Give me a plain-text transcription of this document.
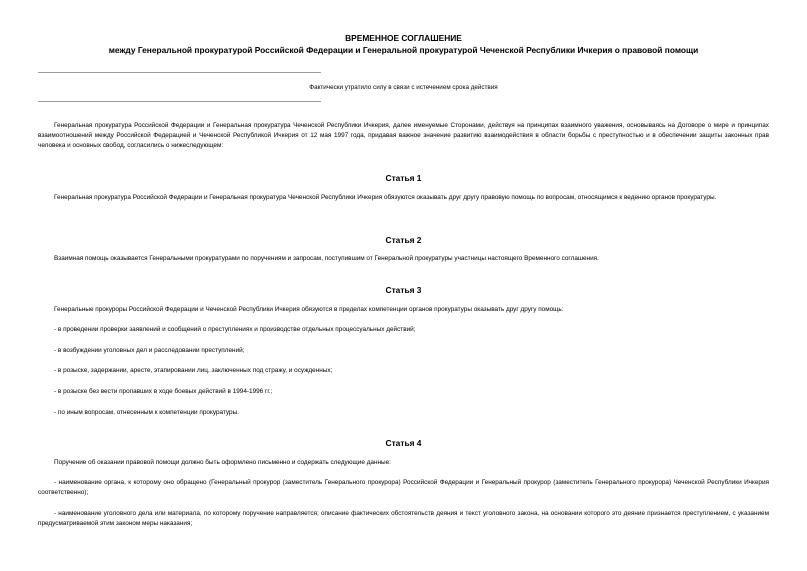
ВРЕМЕННОЕ СОГЛАШЕНИЕ
между Генеральной прокуратурой Российской Федерации и Генеральной прокуратурой Чеченской Республики Ичкерия о правовой помощи
Фактически утратило силу в связи с истечением срока действия

Генеральная прокуратура Российской Федерации и Генеральная прокуратура Чеченской Республики Ичкерия, далее именуемые Сторонами, действуя на принципах взаимного уважения, основываясь на Договоре о мире и принципах взаимоотношений между Российской Федерацией и Чеченской Республикой Ичкерия от 12 мая 1997 года, придавая важное значение развитию взаимодействия в области борьбы с преступностью и в обеспечении защиты законных прав человека и основных свобод, согласились о нижеследующем:

Статья 1

Генеральная прокуратура Российской Федерации и Генеральная прокуратура Чеченской Республики Ичкерия обязуются оказывать друг другу правовую помощь по вопросам, относящимся к ведению органов прокуратуры.

Статья 2

Взаимная помощь оказывается Генеральными прокуратурами по поручениям и запросам, поступившим от Генеральной прокуратуры участницы настоящего Временного соглашения.

Статья 3

Генеральные прокуроры Российской Федерации и Чеченской Республики Ичкерия обязуются в пределах компетенции органов прокуратуры оказывать друг другу помощь:

- в проведении проверки заявлений и сообщений о преступлениях и производстве отдельных процессуальных действий;

- в возбуждении уголовных дел и расследовании преступлений;

- в розыске, задержании, аресте, этапировании лиц, заключенных под стражу, и осужденных;

- в розыске без вести пропавших в ходе боевых действий в 1994-1996 гг.;

- по иным вопросам, отнесенным к компетенции прокуратуры.

Статья 4

Поручение об оказании правовой помощи должно быть оформлено письменно и содержать следующие данные:

- наименование органа, к которому оно обращено (Генеральный прокурор (заместитель Генерального прокурора) Российской Федерации и Генеральный прокурор (заместитель Генерального прокурора) Чеченской Республики Ичкерия соответственно);

- наименование уголовного дела или материала, по которому поручение направляется; описание фактических обстоятельств деяния и текст уголовного закона, на основании которого это деяние признается преступлением, с указанием предусматриваемой этим законом меры наказания;
